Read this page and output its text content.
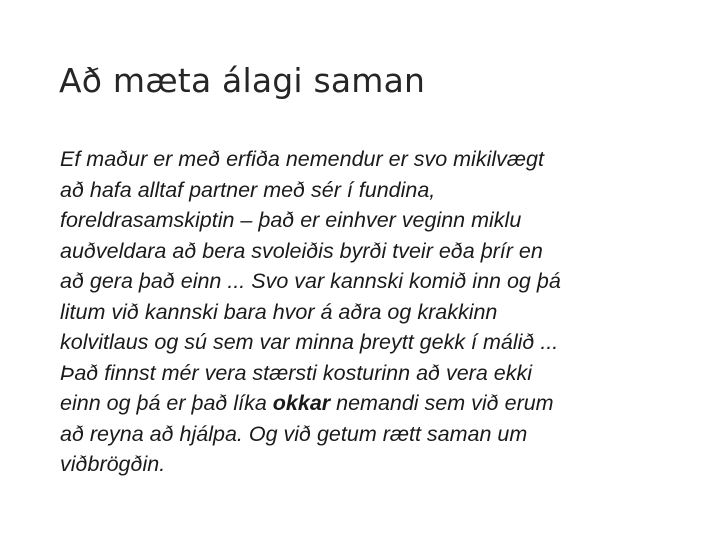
Að mæta álagi saman

Ef maður er með erfiða nemendur er svo mikilvægt
að hafa alltaf partner með sér í fundina,
foreldrasamskiptin – það er einhver veginn miklu
auðveldara að bera svoleiðis byrði tveir eða þrír en
að gera það einn ... Svo var kannski komið inn og þá
litum við kannski bara hvor á aðra og krakkinn
kolvitlaus og sú sem var minna þreytt gekk í málið ...
Það finnst mér vera stærsti kosturinn að vera ekki
einn og þá er það líka okkar nemandi sem við erum
að reyna að hjálpa. Og við getum rætt saman um
viðbrögðin.
